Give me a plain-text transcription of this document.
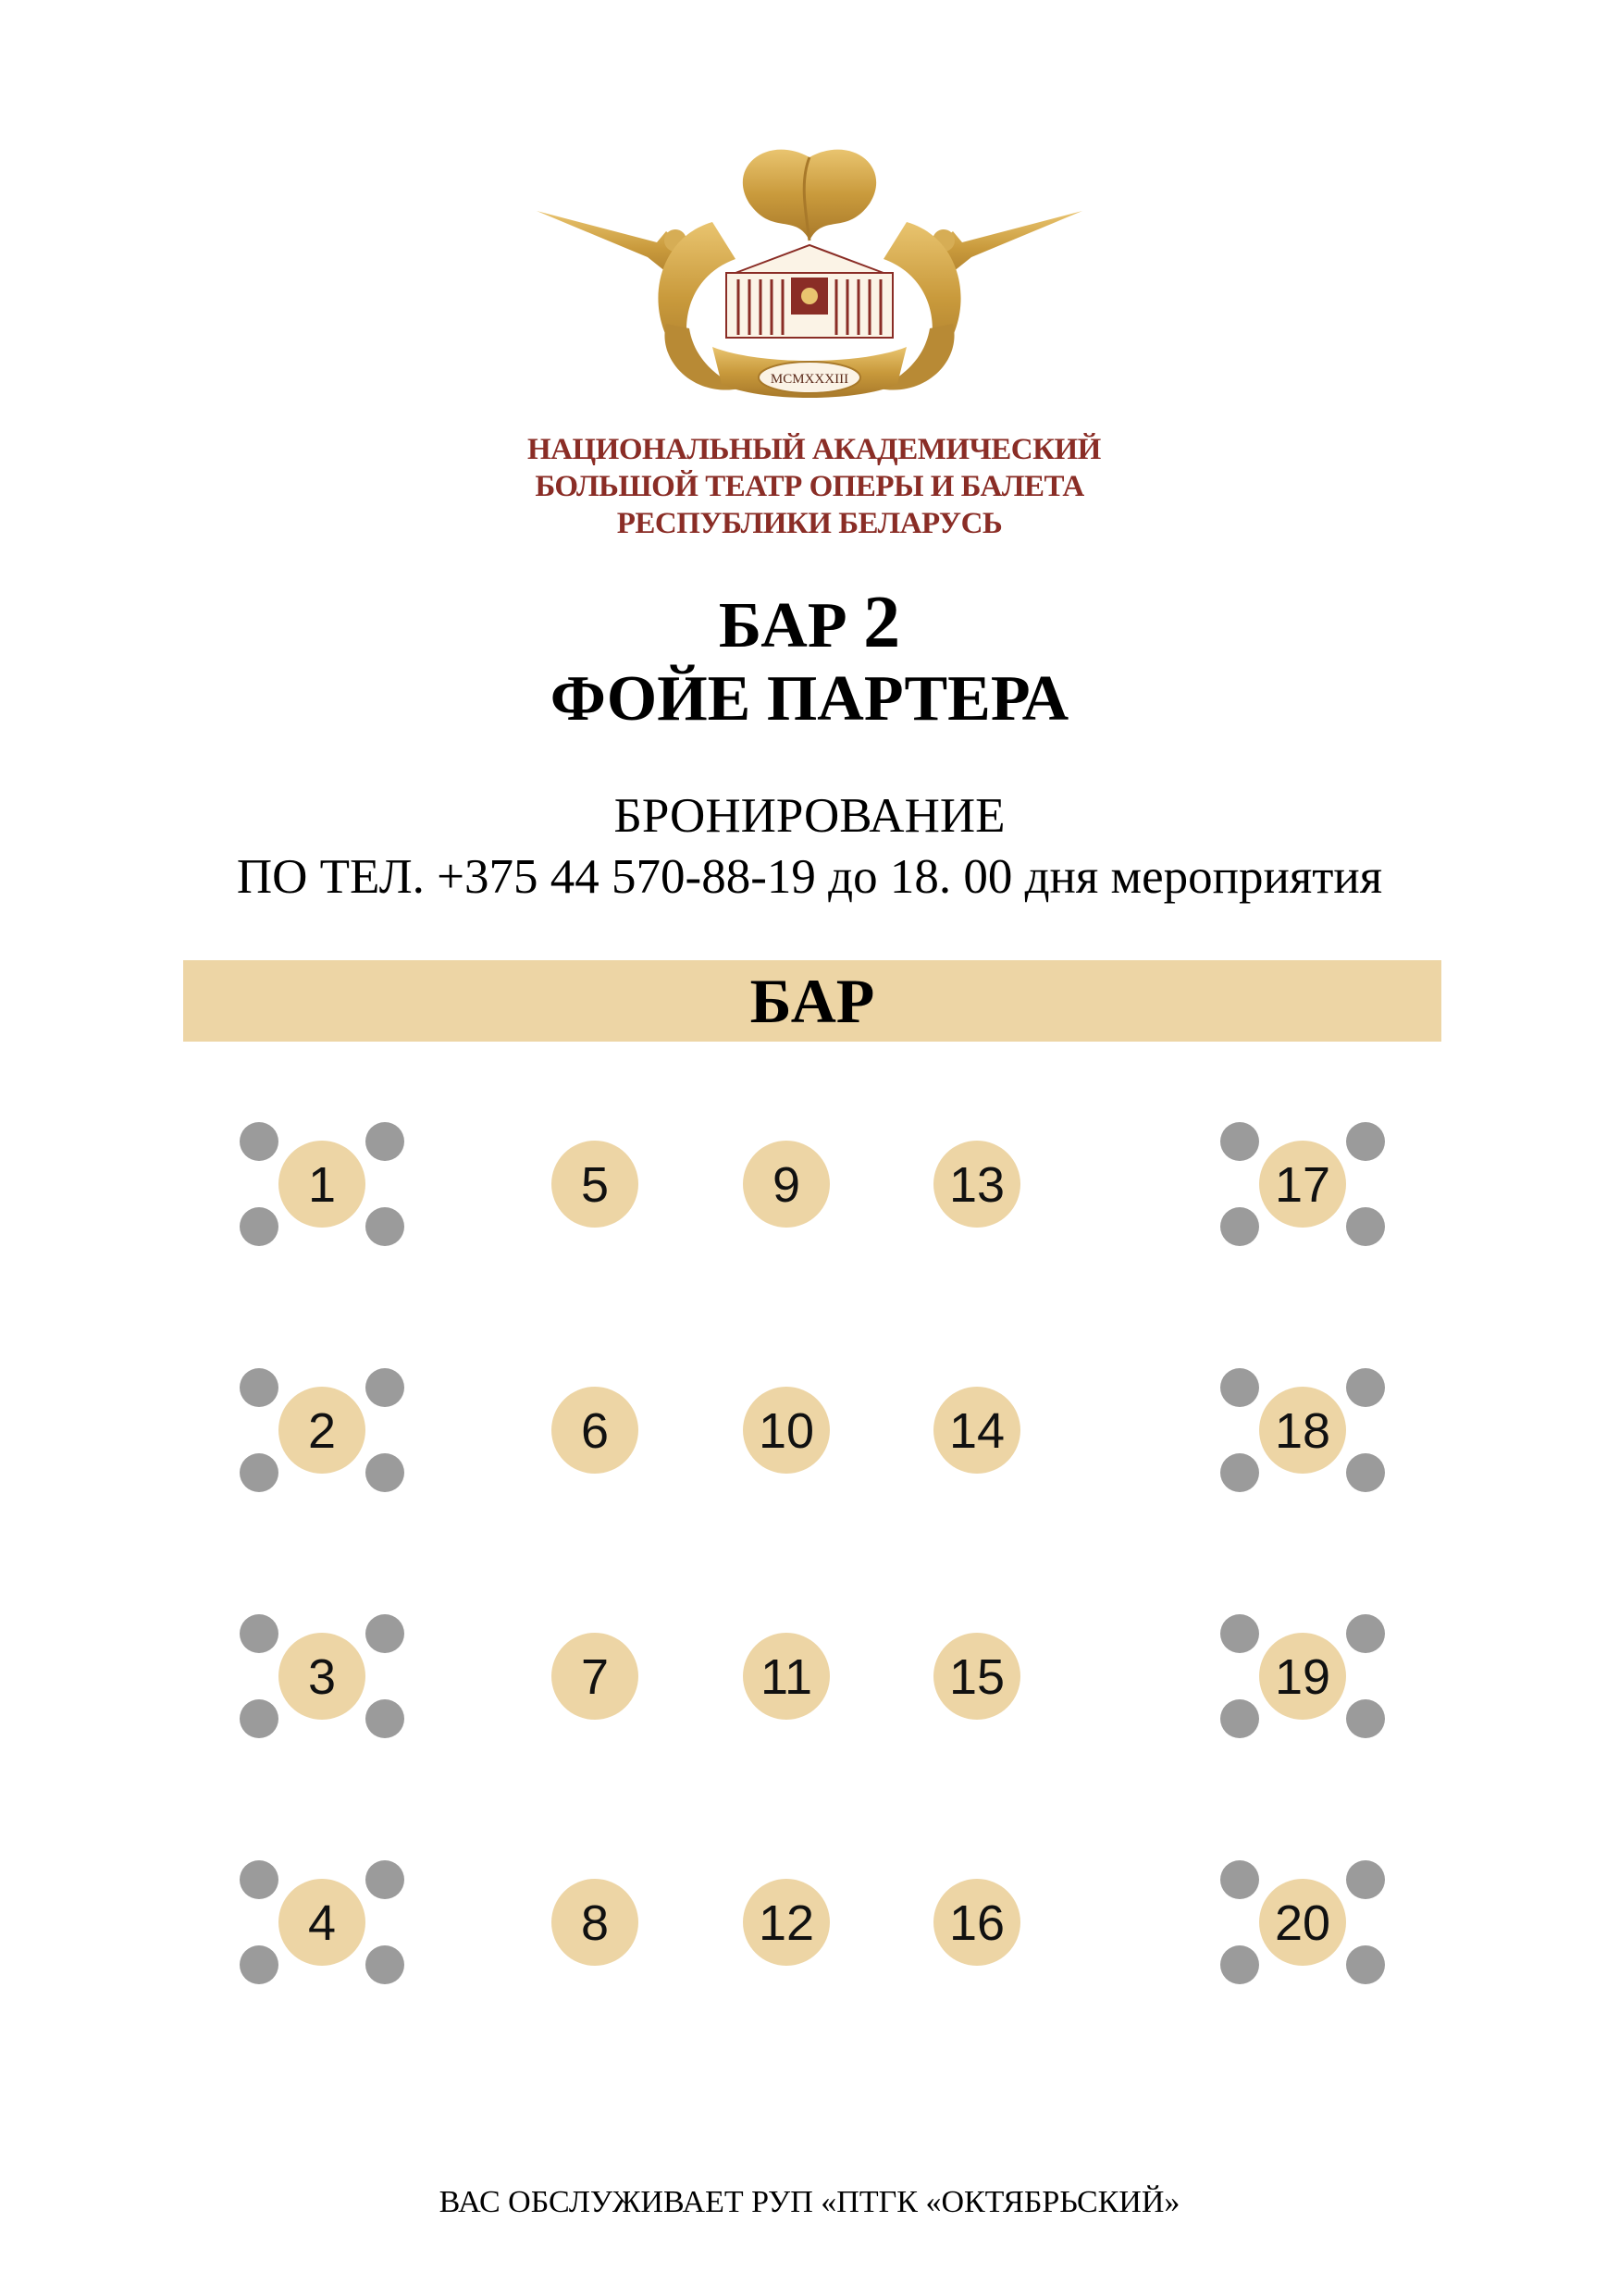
MCMXXXIII
НАЦИОНАЛЬНЫЙ АКАДЕМИЧЕСКИЙ
БОЛЬШОЙ ТЕАТР ОПЕРЫ И БАЛЕТА
РЕСПУБЛИКИ БЕЛАРУСЬ
БАР 2
ФОЙЕ ПАРТЕРА
БРОНИРОВАНИЕ
ПО ТЕЛ. +375 44 570-88-19 до 18. 00 дня мероприятия
БАР
1
2
3
4
5
6
7
8
9
10
11
12
13
14
15
16
17
18
19
20
ВАС ОБСЛУЖИВАЕТ РУП «ПТГК «ОКТЯБРЬСКИЙ»
